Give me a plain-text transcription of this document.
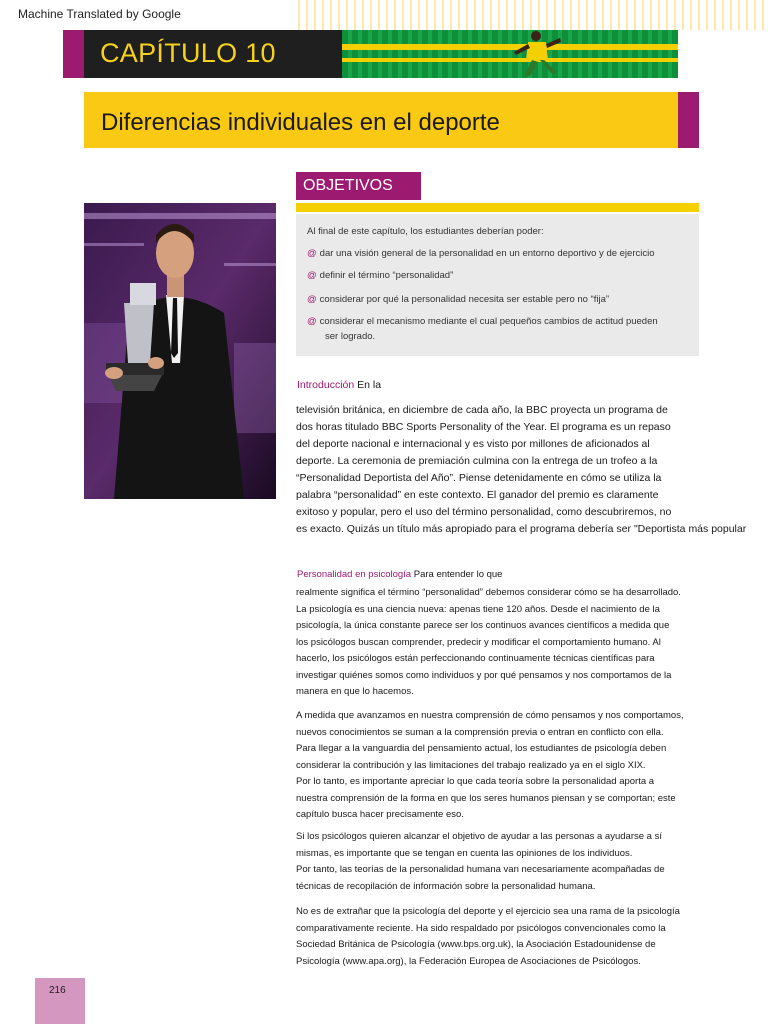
Machine Translated by Google
CAPÍTULO 10
Diferencias individuales en el deporte
OBJETIVOS
Al final de este capítulo, los estudiantes deberían poder:
@ dar una visión general de la personalidad en un entorno deportivo y de ejercicio
@ definir el término “personalidad”
@ considerar por qué la personalidad necesita ser estable pero no “fija”
@ considerar el mecanismo mediante el cual pequeños cambios de actitud pueden
ser logrado.
Introducción En la
televisión británica, en diciembre de cada año, la BBC proyecta un programa de
dos horas titulado BBC Sports Personality of the Year. El programa es un repaso
del deporte nacional e internacional y es visto por millones de aficionados al
deporte. La ceremonia de premiación culmina con la entrega de un trofeo a la
“Personalidad Deportista del Año”. Piense detenidamente en cómo se utiliza la
palabra “personalidad” en este contexto. El ganador del premio es claramente
exitoso y popular, pero el uso del término personalidad, como descubriremos, no
es exacto. Quizás un título más apropiado para el programa debería ser "Deportista más popular
Personalidad en psicología Para entender lo que
realmente significa el término “personalidad” debemos considerar cómo se ha desarrollado.
La psicología es una ciencia nueva: apenas tiene 120 años. Desde el nacimiento de la
psicología, la única constante parece ser los continuos avances científicos a medida que
los psicólogos buscan comprender, predecir y modificar el comportamiento humano. Al
hacerlo, los psicólogos están perfeccionando continuamente técnicas científicas para
investigar quiénes somos como individuos y por qué pensamos y nos comportamos de la
manera en que lo hacemos.
A medida que avanzamos en nuestra comprensión de cómo pensamos y nos comportamos,
nuevos conocimientos se suman a la comprensión previa o entran en conflicto con ella.
Para llegar a la vanguardia del pensamiento actual, los estudiantes de psicología deben
considerar la contribución y las limitaciones del trabajo realizado ya en el siglo XIX.
Por lo tanto, es importante apreciar lo que cada teoría sobre la personalidad aporta a
nuestra comprensión de la forma en que los seres humanos piensan y se comportan; este
capítulo busca hacer precisamente eso.
Si los psicólogos quieren alcanzar el objetivo de ayudar a las personas a ayudarse a sí
mismas, es importante que se tengan en cuenta las opiniones de los individuos.
Por tanto, las teorías de la personalidad humana van necesariamente acompañadas de
técnicas de recopilación de información sobre la personalidad humana.
No es de extrañar que la psicología del deporte y el ejercicio sea una rama de la psicología
comparativamente reciente. Ha sido respaldado por psicólogos convencionales como la
Sociedad Británica de Psicología (www.bps.org.uk), la Asociación Estadounidense de
Psicología (www.apa.org), la Federación Europea de Asociaciones de Psicólogos.
216
